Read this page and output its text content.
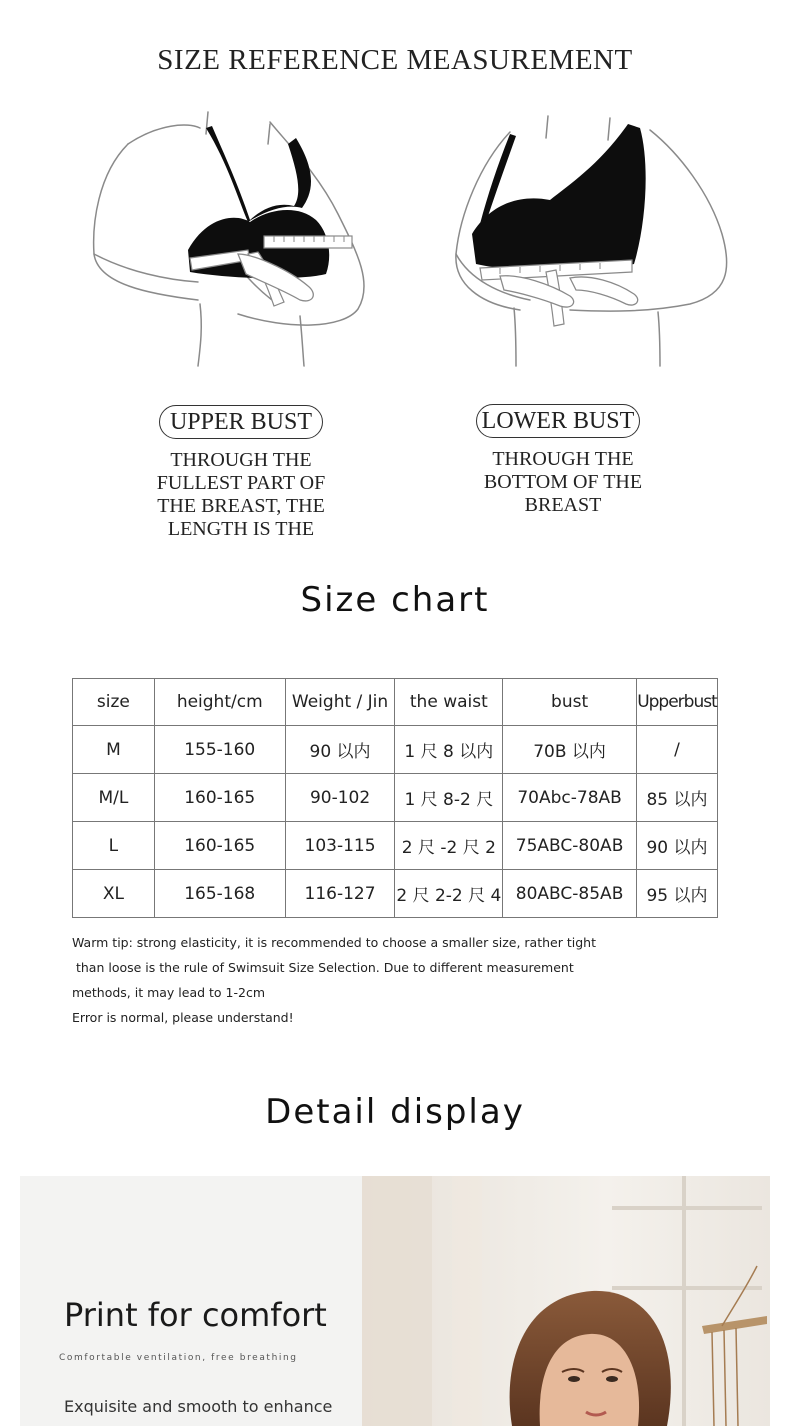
SIZE REFERENCE MEASUREMENT
UPPER BUST
THROUGH THE
FULLEST PART OF
THE BREAST, THE
LENGTH IS THE
LOWER BUST
THROUGH THE
BOTTOM OF THE
BREAST
Size chart
size	height/cm	Weight / Jin	the waist	bust	Upperbust
M	155-160	90 以内	1 尺 8 以内	70B 以内	/
M/L	160-165	90-102	1 尺 8-2 尺	70Abc-78AB	85 以内
L	160-165	103-115	2 尺 -2 尺 2	75ABC-80AB	90 以内
XL	165-168	116-127	2 尺 2-2 尺 4	80ABC-85AB	95 以内
Warm tip: strong elasticity, it is recommended to choose a smaller size, rather tight
than loose is the rule of Swimsuit Size Selection. Due to different measurement
methods, it may lead to 1-2cm
Error is normal, please understand!
Detail display
Print for comfort
Comfortable ventilation, free breathing
Exquisite and smooth to enhance
